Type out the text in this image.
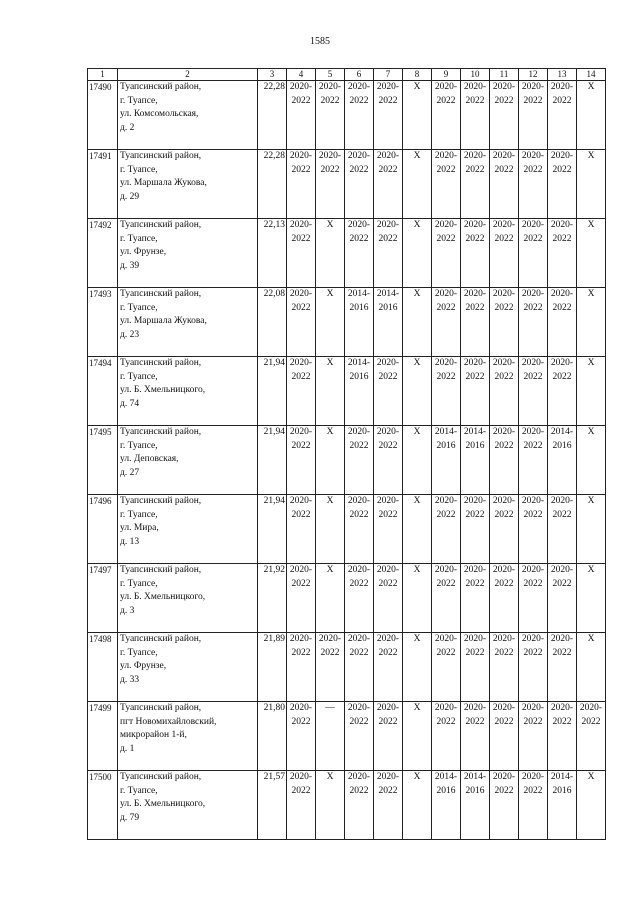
1585
1	2	3	4	5	6	7	8	9	10	11	12	13	14
17490	Туапсинский район,
г. Туапсе,
ул. Комсомольская,
д. 2	22,28	2020-
2022	2020-
2022	2020-
2022	2020-
2022	X	2020-
2022	2020-
2022	2020-
2022	2020-
2022	2020-
2022	X

17491	Туапсинский район,
г. Туапсе,
ул. Маршала Жукова,
д. 29	22,28	2020-
2022	2020-
2022	2020-
2022	2020-
2022	X	2020-
2022	2020-
2022	2020-
2022	2020-
2022	2020-
2022	X

17492	Туапсинский район,
г. Туапсе,
ул. Фрунзе,
д. 39	22,13	2020-
2022	X	2020-
2022	2020-
2022	X	2020-
2022	2020-
2022	2020-
2022	2020-
2022	2020-
2022	X

17493	Туапсинский район,
г. Туапсе,
ул. Маршала Жукова,
д. 23	22,08	2020-
2022	X	2014-
2016	2014-
2016	X	2020-
2022	2020-
2022	2020-
2022	2020-
2022	2020-
2022	X

17494	Туапсинский район,
г. Туапсе,
ул. Б. Хмельницкого,
д. 74	21,94	2020-
2022	X	2014-
2016	2020-
2022	X	2020-
2022	2020-
2022	2020-
2022	2020-
2022	2020-
2022	X

17495	Туапсинский район,
г. Туапсе,
ул. Деповская,
д. 27	21,94	2020-
2022	X	2020-
2022	2020-
2022	X	2014-
2016	2014-
2016	2020-
2022	2020-
2022	2014-
2016	X

17496	Туапсинский район,
г. Туапсе,
ул. Мира,
д. 13	21,94	2020-
2022	X	2020-
2022	2020-
2022	X	2020-
2022	2020-
2022	2020-
2022	2020-
2022	2020-
2022	X

17497	Туапсинский район,
г. Туапсе,
ул. Б. Хмельницкого,
д. 3	21,92	2020-
2022	X	2020-
2022	2020-
2022	X	2020-
2022	2020-
2022	2020-
2022	2020-
2022	2020-
2022	X

17498	Туапсинский район,
г. Туапсе,
ул. Фрунзе,
д. 33	21,89	2020-
2022	2020-
2022	2020-
2022	2020-
2022	X	2020-
2022	2020-
2022	2020-
2022	2020-
2022	2020-
2022	X

17499	Туапсинский район,
пгт Новомихайловский,
микрорайон 1-й,
д. 1	21,80	2020-
2022	—	2020-
2022	2020-
2022	X	2020-
2022	2020-
2022	2020-
2022	2020-
2022	2020-
2022	2020-
2022

17500	Туапсинский район,
г. Туапсе,
ул. Б. Хмельницкого,
д. 79	21,57	2020-
2022	X	2020-
2022	2020-
2022	X	2014-
2016	2014-
2016	2020-
2022	2020-
2022	2014-
2016	X
